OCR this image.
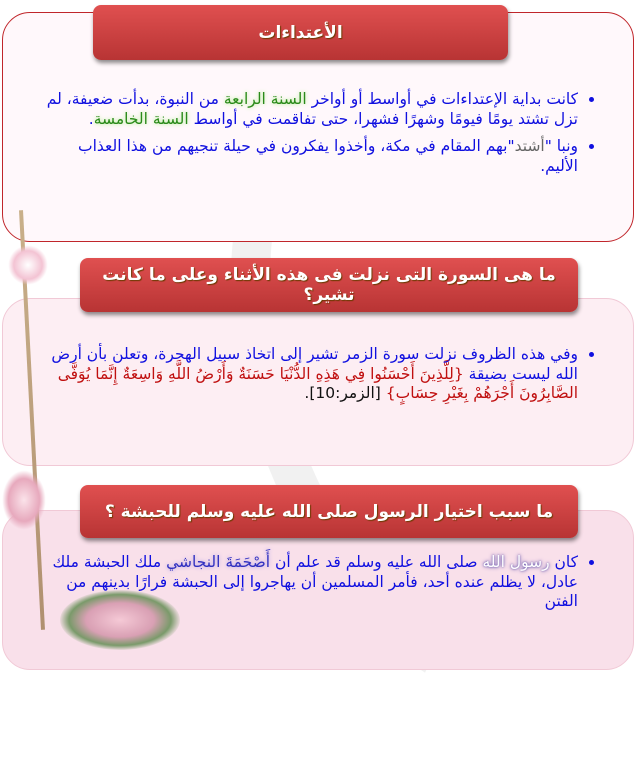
الأعتداءات
ما هى السورة التى نزلت فى هذه الأثناء وعلى ما كانت تشير؟
ما سبب اختيار الرسول صلى الله عليه وسلم للحبشة ؟
• كانت بداية الإعتداءات في أواسط أو أواخر السنة الرابعة من النبوة، بدأت ضعيفة، لم تزل تشتد يومًا فيومًا وشهرًا فشهرا، حتى تفاقمت في أواسط السنة الخامسة.
• ونبا "أشتد"بهم المقام في مكة، وأخذوا يفكرون في حيلة تنجيهم من هذا العذاب الأليم.
• وفي هذه الظروف نزلت سورة الزمر تشير إلى اتخاذ سبيل الهجرة، وتعلن بأن أرض الله ليست بضيقة {لِلَّذِينَ أَحْسَنُوا فِي هَذِهِ الدُّنْيَا حَسَنَةٌ وَأَرْضُ اللَّهِ وَاسِعَةٌ إِنَّمَا يُوَفَّى الصَّابِرُونَ أَجْرَهُمْ بِغَيْرِ حِسَابٍ} [الزمر:10].
• كان رسول الله صلى الله عليه وسلم قد علم أن أَصْحَمَةَ النجاشي ملك الحبشة ملك عادل، لا يظلم عنده أحد، فأمر المسلمين أن يهاجروا إلى الحبشة فرارًا بدينهم من الفتن
